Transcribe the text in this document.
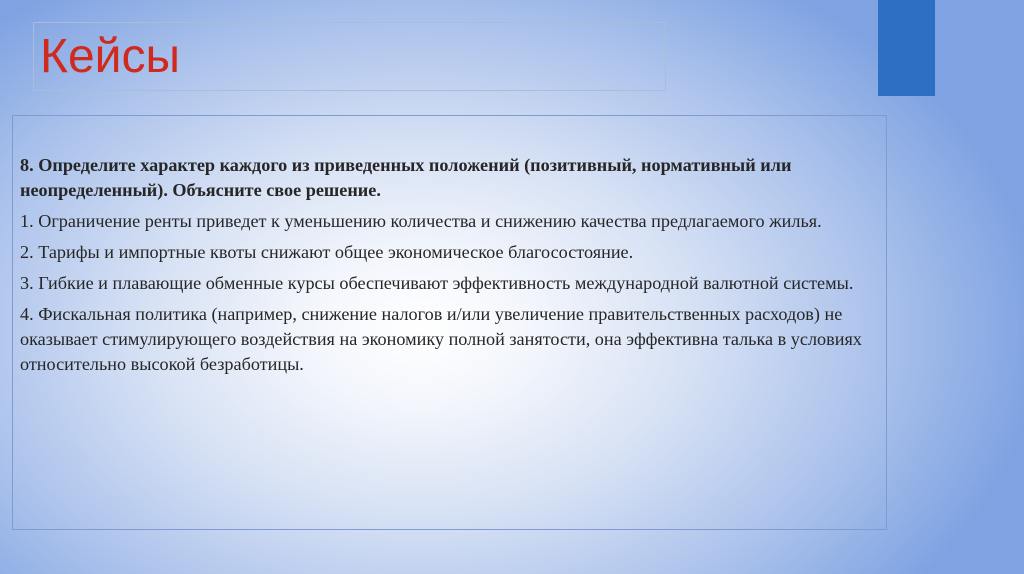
Кейсы

8. Определите характер каждого из приведенных положений (позитивный, нормативный или неопределенный). Объясните свое решение.

1. Ограничение ренты приведет к уменьшению количества и снижению качества предлагаемого жилья.

2. Тарифы и импортные квоты снижают общее экономическое благосостояние.

3. Гибкие и плавающие обменные курсы обеспечивают эффективность международной валютной системы.

4. Фискальная политика (например, снижение налогов и/или увеличение правительственных расходов) не оказывает стимулирующего воздействия на экономику полной занятости, она эффективна талька в условиях относительно высокой безработицы.
